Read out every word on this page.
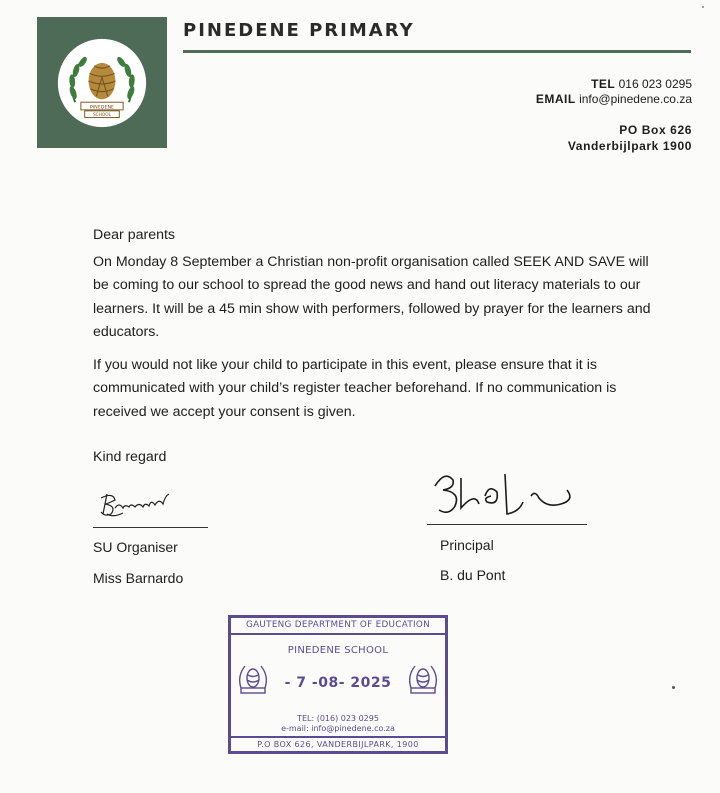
PINEDENE
SCHOOL
PINEDENE PRIMARY
TEL 016 023 0295
EMAIL info@pinedene.co.za
PO Box 626
Vanderbijlpark 1900

Dear parents

On Monday 8 September a Christian non-profit organisation called SEEK AND SAVE will be coming to our school to spread the good news and hand out literacy materials to our learners. It will be a 45 min show with performers, followed by prayer for the learners and educators.

If you would not like your child to participate in this event, please ensure that it is communicated with your child’s register teacher beforehand. If no communication is received we accept your consent is given.

Kind regard
SU Organiser
Miss Barnardo
Principal
B. du Pont
GAUTENG DEPARTMENT OF EDUCATION
PINEDENE SCHOOL
- 7 -08- 2025
TEL: (016) 023 0295
e-mail: info@pinedene.co.za
P.O BOX 626, VANDERBIJLPARK, 1900
